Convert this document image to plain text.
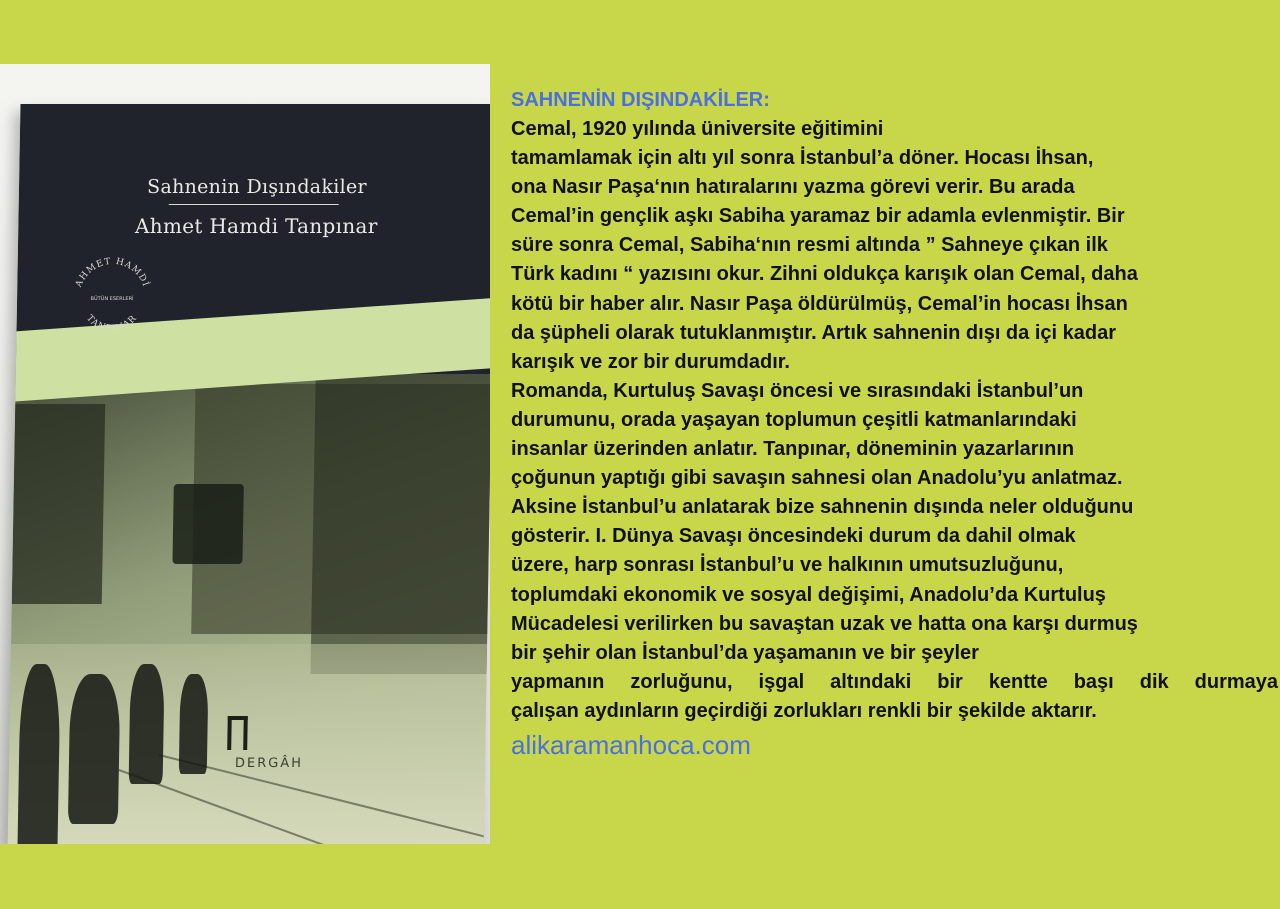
Sahnenin Dışındakiler
Ahmet Hamdi Tanpınar
AHMET HAMDİ
TANPINAR
BÜTÜN ESERLERİ
DERGÂH

SAHNENİN DIŞINDAKİLER:

Cemal, 1920 yılında üniversite eğitimini

tamamlamak için altı yıl sonra İstanbul’a döner. Hocası İhsan,

ona Nasır Paşa‘nın hatıralarını yazma görevi verir. Bu arada

Cemal’in gençlik aşkı Sabiha yaramaz bir adamla evlenmiştir. Bir

süre sonra Cemal, Sabiha‘nın resmi altında ” Sahneye çıkan ilk

Türk kadını “ yazısını okur. Zihni oldukça karışık olan Cemal, daha

kötü bir haber alır. Nasır Paşa öldürülmüş, Cemal’in hocası İhsan

da şüpheli olarak tutuklanmıştır. Artık sahnenin dışı da içi kadar

karışık ve zor bir durumdadır.

Romanda, Kurtuluş Savaşı öncesi ve sırasındaki İstanbul’un

durumunu, orada yaşayan toplumun çeşitli katmanlarındaki

insanlar üzerinden anlatır. Tanpınar, döneminin yazarlarının

çoğunun yaptığı gibi savaşın sahnesi olan Anadolu’yu anlatmaz.

Aksine İstanbul’u anlatarak bize sahnenin dışında neler olduğunu

gösterir. I. Dünya Savaşı öncesindeki durum da dahil olmak

üzere, harp sonrası İstanbul’u ve halkının umutsuzluğunu,

toplumdaki ekonomik ve sosyal değişimi, Anadolu’da Kurtuluş

Mücadelesi verilirken bu savaştan uzak ve hatta ona karşı durmuş

bir şehir olan İstanbul’da yaşamanın ve bir şeyler

yapmanın zorluğunu, işgal altındaki bir kentte başı dik durmaya

çalışan aydınların geçirdiği zorlukları renkli bir şekilde aktarır.

alikaramanhoca.com
